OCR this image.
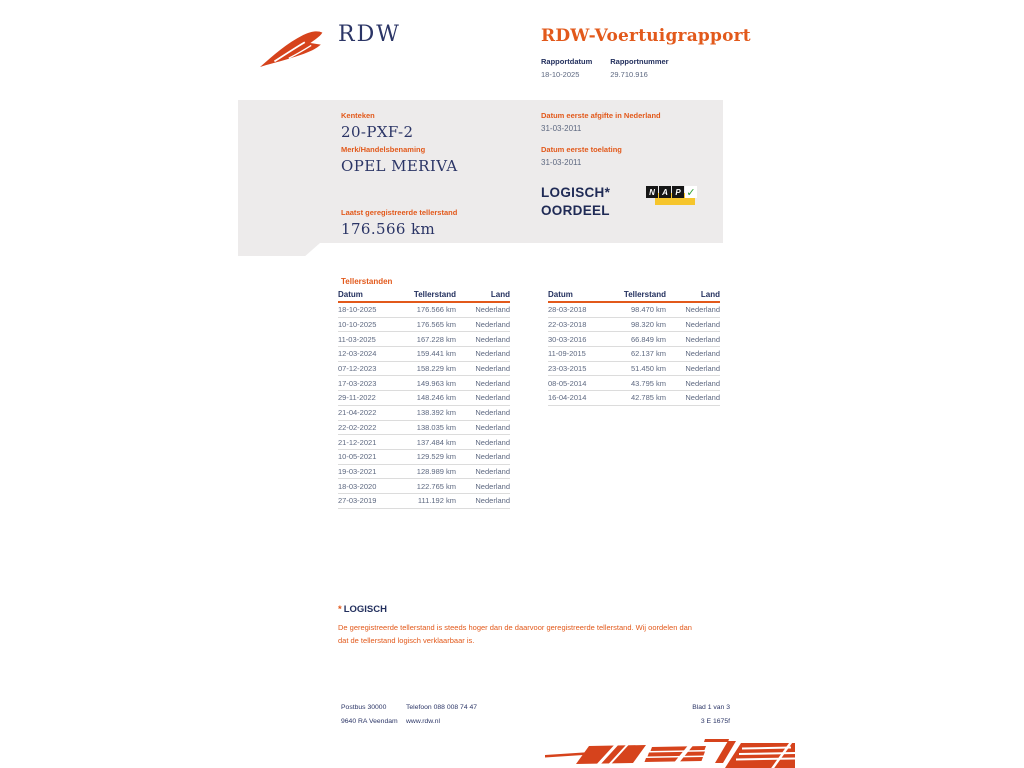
RDW	RDW-Voertuigrapport
Rapportdatum
18-10-2025
Rapportnummer
29.710.916
Kenteken
20-PXF-2
Merk/Handelsbenaming
OPEL MERIVA
Laatst geregistreerde tellerstand
176.566 km
Datum eerste afgifte in Nederland
31-03-2011
Datum eerste toelating
31-03-2011
LOGISCH*
OORDEEL
N A P ✓
Tellerstanden
Datum	Tellerstand	Land
18-10-2025	176.566 km	Nederland
10-10-2025	176.565 km	Nederland
11-03-2025	167.228 km	Nederland
12-03-2024	159.441 km	Nederland
07-12-2023	158.229 km	Nederland
17-03-2023	149.963 km	Nederland
29-11-2022	148.246 km	Nederland
21-04-2022	138.392 km	Nederland
22-02-2022	138.035 km	Nederland
21-12-2021	137.484 km	Nederland
10-05-2021	129.529 km	Nederland
19-03-2021	128.989 km	Nederland
18-03-2020	122.765 km	Nederland
27-03-2019	111.192 km	Nederland
Datum	Tellerstand	Land
28-03-2018	98.470 km	Nederland
22-03-2018	98.320 km	Nederland
30-03-2016	66.849 km	Nederland
11-09-2015	62.137 km	Nederland
23-03-2015	51.450 km	Nederland
08-05-2014	43.795 km	Nederland
16-04-2014	42.785 km	Nederland
* LOGISCH
De geregistreerde tellerstand is steeds hoger dan de daarvoor geregistreerde tellerstand. Wij oordelen dan
dat de tellerstand logisch verklaarbaar is.
Postbus 30000
9640 RA Veendam
Telefoon 088 008 74 47
www.rdw.nl
Blad 1 van 3
3 E 1675f
